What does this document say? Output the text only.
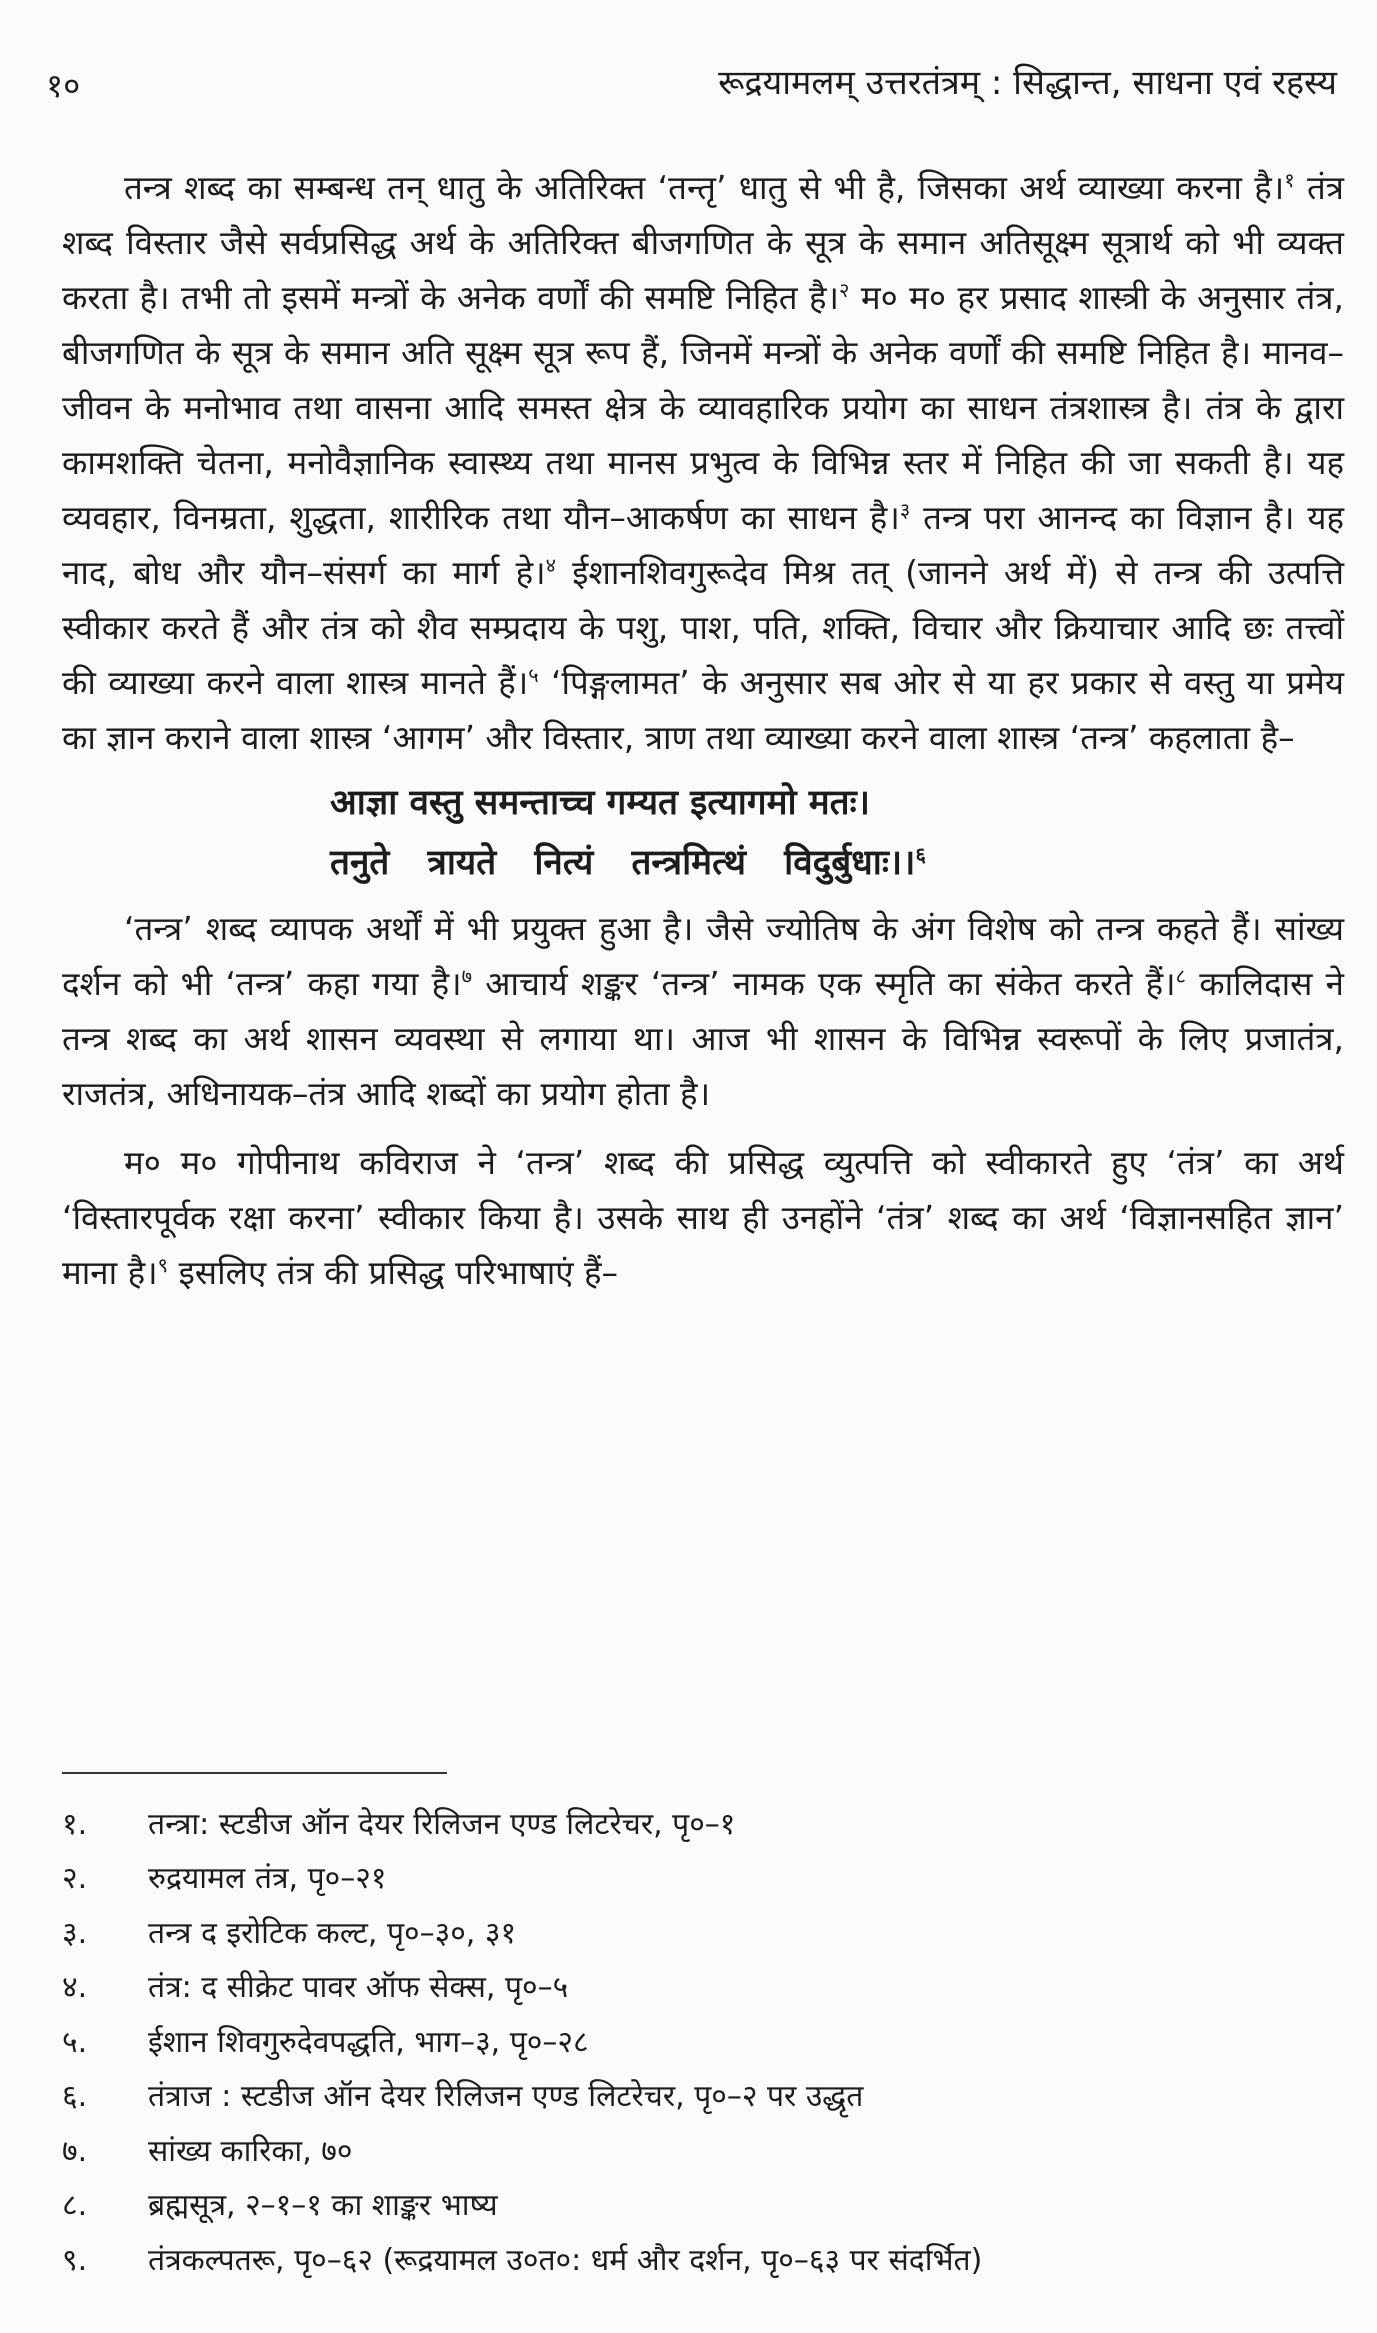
१०	रूद्रयामलम् उत्तरतंत्रम् : सिद्धान्त, साधना एवं रहस्य

तन्त्र शब्द का सम्बन्ध तन् धातु के अतिरिक्त ‘तन्तृ’ धातु से भी है, जिसका अर्थ व्याख्या करना है।$^१$ तंत्र शब्द विस्तार जैसे सर्वप्रसिद्ध अर्थ के अतिरिक्त बीजगणित के सूत्र के समान अतिसूक्ष्म सूत्रार्थ को भी व्यक्त करता है। तभी तो इसमें मन्त्रों के अनेक वर्णों की समष्टि निहित है।$^२$ म० म० हर प्रसाद शास्त्री के अनुसार तंत्र, बीजगणित के सूत्र के समान अति सूक्ष्म सूत्र रूप हैं, जिनमें मन्त्रों के अनेक वर्णों की समष्टि निहित है। मानव–जीवन के मनोभाव तथा वासना आदि समस्त क्षेत्र के व्यावहारिक प्रयोग का साधन तंत्रशास्त्र है। तंत्र के द्वारा कामशक्ति चेतना, मनोवैज्ञानिक स्वास्थ्य तथा मानस प्रभुत्व के विभिन्न स्तर में निहित की जा सकती है। यह व्यवहार, विनम्रता, शुद्धता, शारीरिक तथा यौन–आकर्षण का साधन है।$^३$ तन्त्र परा आनन्द का विज्ञान है। यह नाद, बोध और यौन–संसर्ग का मार्ग हे।$^४$ ईशानशिवगुरूदेव मिश्र तत् (जानने अर्थ में) से तन्त्र की उत्पत्ति स्वीकार करते हैं और तंत्र को शैव सम्प्रदाय के पशु, पाश, पति, शक्ति, विचार और क्रियाचार आदि छः तत्त्वों की व्याख्या करने वाला शास्त्र मानते हैं।$^५$ ‘पिङ्गलामत’ के अनुसार सब ओर से या हर प्रकार से वस्तु या प्रमेय का ज्ञान कराने वाला शास्त्र ‘आगम’ और विस्तार, त्राण तथा व्याख्या करने वाला शास्त्र ‘तन्त्र’ कहलाता है–

आज्ञा वस्तु समन्ताच्च गम्यत इत्यागमो मतः।
तनुते त्रायते नित्यं तन्त्रमित्थं विदुर्बुधाः।।$^६$

‘तन्त्र’ शब्द व्यापक अर्थों में भी प्रयुक्त हुआ है। जैसे ज्योतिष के अंग विशेष को तन्त्र कहते हैं। सांख्य दर्शन को भी ‘तन्त्र’ कहा गया है।$^७$ आचार्य शङ्कर ‘तन्त्र’ नामक एक स्मृति का संकेत करते हैं।$^८$ कालिदास ने तन्त्र शब्द का अर्थ शासन व्यवस्था से लगाया था। आज भी शासन के विभिन्न स्वरूपों के लिए प्रजातंत्र, राजतंत्र, अधिनायक–तंत्र आदि शब्दों का प्रयोग होता है।

म० म० गोपीनाथ कविराज ने ‘तन्त्र’ शब्द की प्रसिद्ध व्युत्पत्ति को स्वीकारते हुए ‘तंत्र’ का अर्थ ‘विस्तारपूर्वक रक्षा करना’ स्वीकार किया है। उसके साथ ही उनहोंने ‘तंत्र’ शब्द का अर्थ ‘विज्ञानसहित ज्ञान’ माना है।$^९$ इसलिए तंत्र की प्रसिद्ध परिभाषाएं हैं–

१.	तन्त्रा: स्टडीज ऑन देयर रिलिजन एण्ड लिटरेचर, पृ०–१
२.	रुद्रयामल तंत्र, पृ०–२१
३.	तन्त्र द इरोटिक कल्ट, पृ०–३०, ३१
४.	तंत्र: द सीक्रेट पावर ऑफ सेक्स, पृ०–५
५.	ईशान शिवगुरुदेवपद्धति, भाग–३, पृ०–२८
६.	तंत्राज : स्टडीज ऑन देयर रिलिजन एण्ड लिटरेचर, पृ०–२ पर उद्धृत
७.	सांख्य कारिका, ७०
८.	ब्रह्मसूत्र, २–१–१ का शाङ्कर भाष्य
९.	तंत्रकल्पतरू, पृ०–६२ (रूद्रयामल उ०त०: धर्म और दर्शन, पृ०–६३ पर संदर्भित)
